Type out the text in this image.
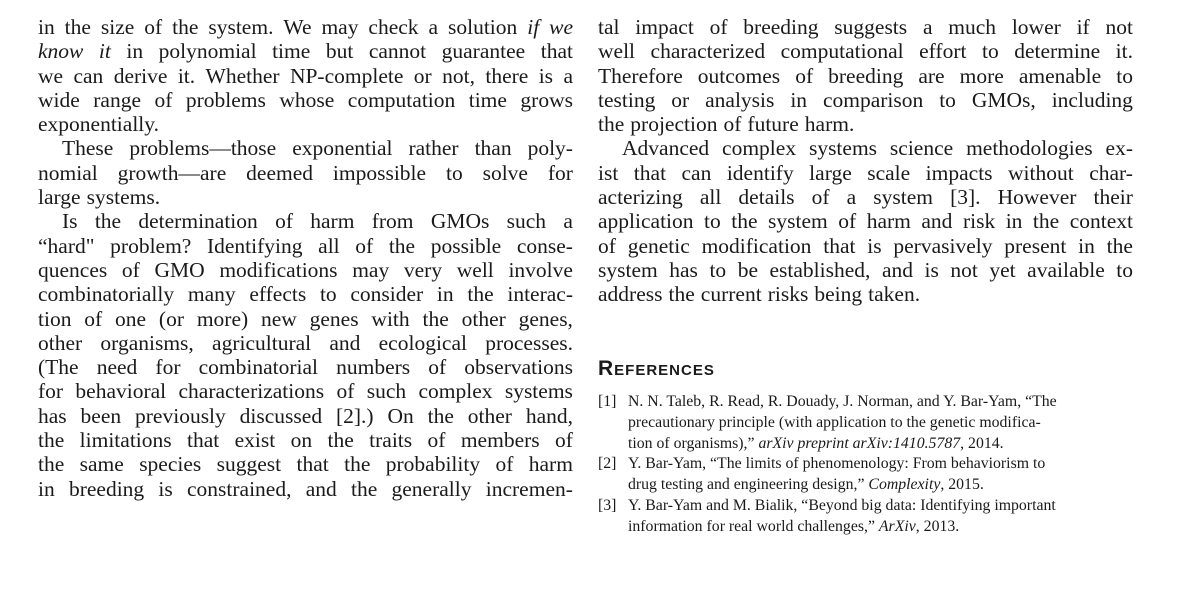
in the size of the system. We may check a solution if we
know it in polynomial time but cannot guarantee that
we can derive it. Whether NP-complete or not, there is a
wide range of problems whose computation time grows
exponentially.
These problems—those exponential rather than poly-
nomial growth—are deemed impossible to solve for
large systems.
Is the determination of harm from GMOs such a
“hard" problem? Identifying all of the possible conse-
quences of GMO modifications may very well involve
combinatorially many effects to consider in the interac-
tion of one (or more) new genes with the other genes,
other organisms, agricultural and ecological processes.
(The need for combinatorial numbers of observations
for behavioral characterizations of such complex systems
has been previously discussed [2].) On the other hand,
the limitations that exist on the traits of members of
the same species suggest that the probability of harm
in breeding is constrained, and the generally incremen-
tal impact of breeding suggests a much lower if not
well characterized computational effort to determine it.
Therefore outcomes of breeding are more amenable to
testing or analysis in comparison to GMOs, including
the projection of future harm.
Advanced complex systems science methodologies ex-
ist that can identify large scale impacts without char-
acterizing all details of a system [3]. However their
application to the system of harm and risk in the context
of genetic modification that is pervasively present in the
system has to be established, and is not yet available to
address the current risks being taken.
References
[1] N. N. Taleb, R. Read, R. Douady, J. Norman, and Y. Bar-Yam, “The
precautionary principle (with application to the genetic modifica-
tion of organisms),” arXiv preprint arXiv:1410.5787, 2014.
[2] Y. Bar-Yam, “The limits of phenomenology: From behaviorism to
drug testing and engineering design,” Complexity, 2015.
[3] Y. Bar-Yam and M. Bialik, “Beyond big data: Identifying important
information for real world challenges,” ArXiv, 2013.
